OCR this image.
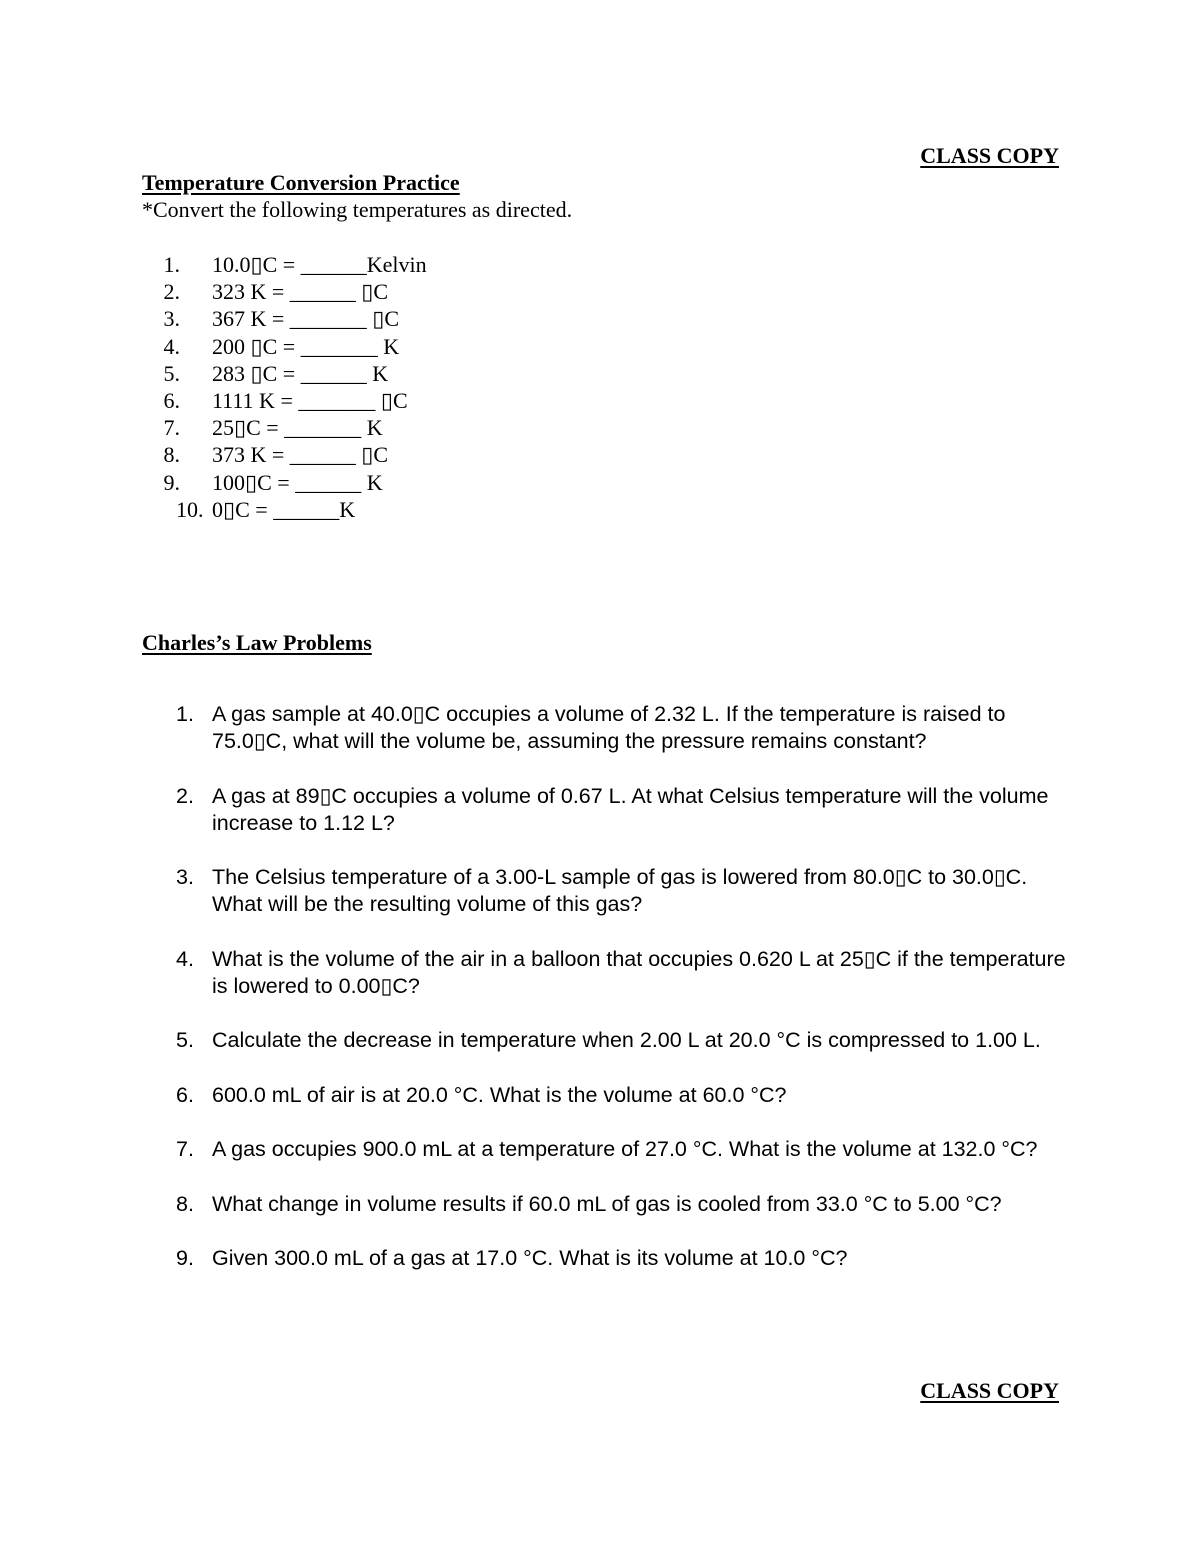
CLASS COPY
Temperature Conversion Practice
*Convert the following temperatures as directed.
1.	10.0▯C = ______Kelvin
2.	323 K = ______ ▯C
3.	367 K = _______ ▯C
4.	200 ▯C = _______ K
5.	283 ▯C = ______ K
6.	1111 K = _______ ▯C
7.	25▯C = _______ K
8.	373 K = ______ ▯C
9.	100▯C = ______ K
10. 0▯C = ______K
Charles’s Law Problems
1. A gas sample at 40.0▯C occupies a volume of 2.32 L. If the temperature is raised to 75.0▯C, what will the volume be, assuming the pressure remains constant?
2. A gas at 89▯C occupies a volume of 0.67 L. At what Celsius temperature will the volume increase to 1.12 L?
3. The Celsius temperature of a 3.00-L sample of gas is lowered from 80.0▯C to 30.0▯C. What will be the resulting volume of this gas?
4. What is the volume of the air in a balloon that occupies 0.620 L at 25▯C if the temperature is lowered to 0.00▯C?
5. Calculate the decrease in temperature when 2.00 L at 20.0 °C is compressed to 1.00 L.
6. 600.0 mL of air is at 20.0 °C. What is the volume at 60.0 °C?
7. A gas occupies 900.0 mL at a temperature of 27.0 °C. What is the volume at 132.0 °C?
8. What change in volume results if 60.0 mL of gas is cooled from 33.0 °C to 5.00 °C?
9. Given 300.0 mL of a gas at 17.0 °C. What is its volume at 10.0 °C?
CLASS COPY
